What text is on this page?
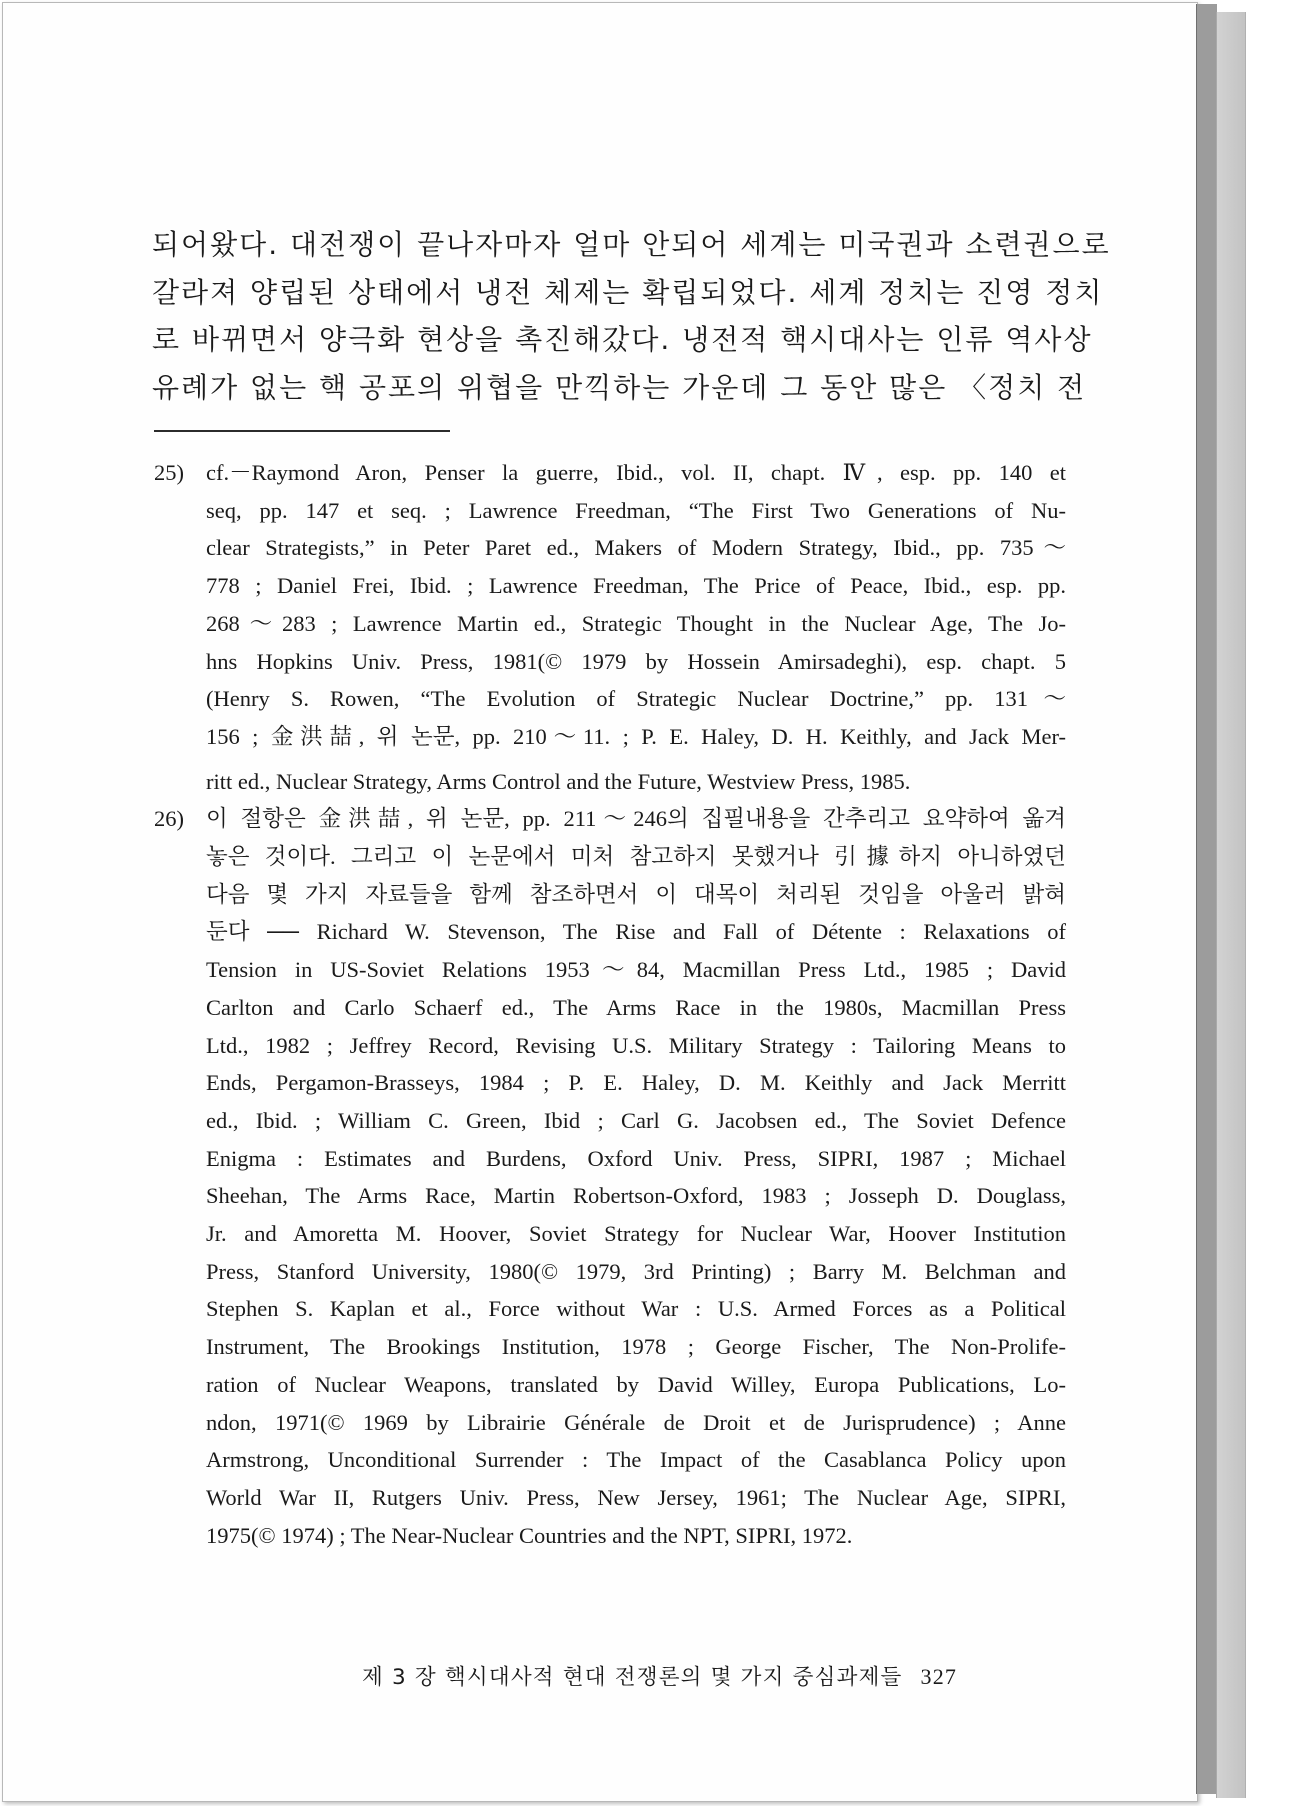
되어왔다. 대전쟁이 끝나자마자 얼마 안되어 세계는 미국권과 소련권으로
갈라져 양립된 상태에서 냉전 체제는 확립되었다. 세계 정치는 진영 정치
로 바뀌면서 양극화 현상을 촉진해갔다. 냉전적 핵시대사는 인류 역사상
유례가 없는 핵 공포의 위협을 만끽하는 가운데 그 동안 많은 〈정치 전
25) cf.－Raymond Aron, Penser la guerre, Ibid., vol. II, chapt. Ⅳ, esp. pp. 140 et
seq, pp. 147 et seq. ; Lawrence Freedman, “The First Two Generations of Nu-
clear Strategists,” in Peter Paret ed., Makers of Modern Strategy, Ibid., pp. 735～
778 ; Daniel Frei, Ibid. ; Lawrence Freedman, The Price of Peace, Ibid., esp. pp.
268～283 ; Lawrence Martin ed., Strategic Thought in the Nuclear Age, The Jo-
hns Hopkins Univ. Press, 1981(© 1979 by Hossein Amirsadeghi), esp. chapt. 5
(Henry S. Rowen, “The Evolution of Strategic Nuclear Doctrine,” pp. 131～
156 ; 金洪喆, 위 논문, pp. 210～11. ; P. E. Haley, D. H. Keithly, and Jack Mer-
ritt ed., Nuclear Strategy, Arms Control and the Future, Westview Press, 1985.
26) 이 절항은 金洪喆, 위 논문, pp. 211～246의 집필내용을 간추리고 요약하여 옮겨
놓은 것이다. 그리고 이 논문에서 미처 참고하지 못했거나 引據하지 아니하였던
다음 몇 가지 자료들을 함께 참조하면서 이 대목이 처리된 것임을 아울러 밝혀
둔다 ── Richard W. Stevenson, The Rise and Fall of Détente : Relaxations of
Tension in US-Soviet Relations 1953～84, Macmillan Press Ltd., 1985 ; David
Carlton and Carlo Schaerf ed., The Arms Race in the 1980s, Macmillan Press
Ltd., 1982 ; Jeffrey Record, Revising U.S. Military Strategy : Tailoring Means to
Ends, Pergamon-Brasseys, 1984 ; P. E. Haley, D. M. Keithly and Jack Merritt
ed., Ibid. ; William C. Green, Ibid ; Carl G. Jacobsen ed., The Soviet Defence
Enigma : Estimates and Burdens, Oxford Univ. Press, SIPRI, 1987 ; Michael
Sheehan, The Arms Race, Martin Robertson-Oxford, 1983 ; Josseph D. Douglass,
Jr. and Amoretta M. Hoover, Soviet Strategy for Nuclear War, Hoover Institution
Press, Stanford University, 1980(© 1979, 3rd Printing) ; Barry M. Belchman and
Stephen S. Kaplan et al., Force without War : U.S. Armed Forces as a Political
Instrument, The Brookings Institution, 1978 ; George Fischer, The Non-Prolife-
ration of Nuclear Weapons, translated by David Willey, Europa Publications, Lo-
ndon, 1971(© 1969 by Librairie Générale de Droit et de Jurisprudence) ; Anne
Armstrong, Unconditional Surrender : The Impact of the Casablanca Policy upon
World War II, Rutgers Univ. Press, New Jersey, 1961; The Nuclear Age, SIPRI,
1975(© 1974) ; The Near-Nuclear Countries and the NPT, SIPRI, 1972.
제 3 장 핵시대사적 현대 전쟁론의 몇 가지 중심과제들 327
